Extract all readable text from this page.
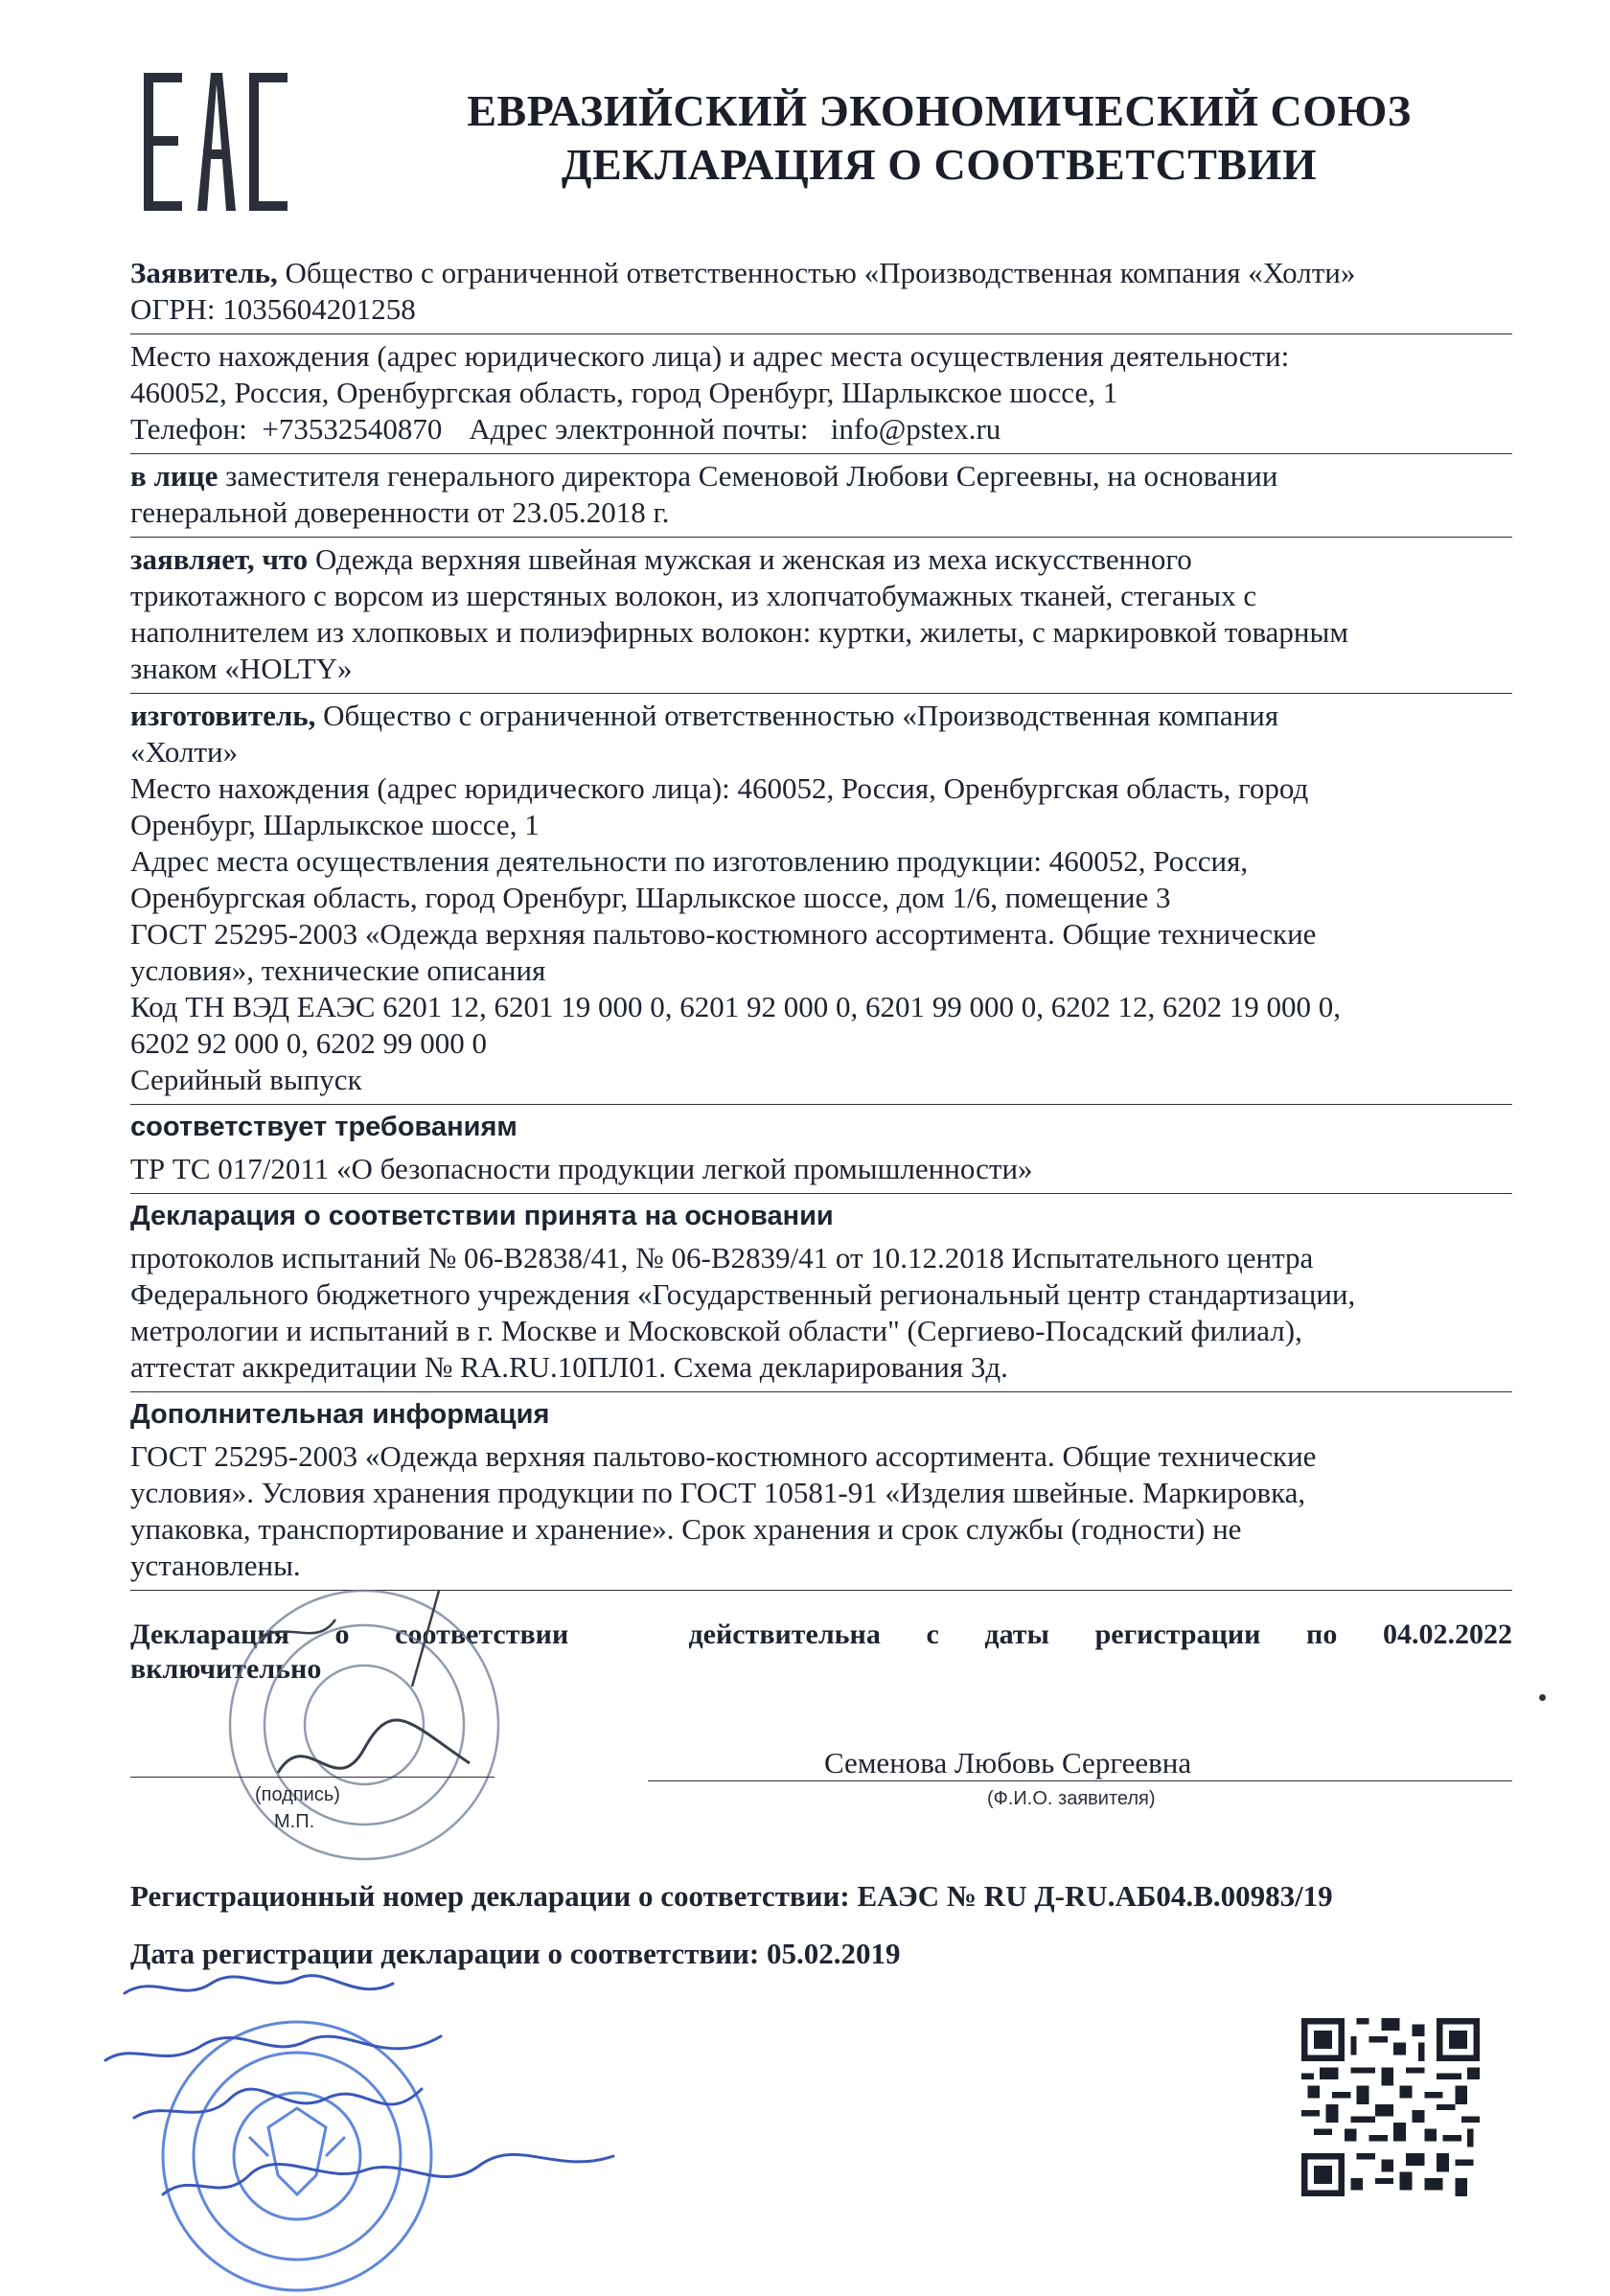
ЕВРАЗИЙСКИЙ ЭКОНОМИЧЕСКИЙ СОЮЗ
ДЕКЛАРАЦИЯ О СООТВЕТСТВИИ
Заявитель, Общество с ограниченной ответственностью «Производственная компания «Холти»
ОГРН: 1035604201258
Место нахождения (адрес юридического лица) и адрес места осуществления деятельности:
460052, Россия, Оренбургская область, город Оренбург, Шарлыкское шоссе, 1
Телефон: +73532540870 Адрес электронной почты: info@pstex.ru
в лице заместителя генерального директора Семеновой Любови Сергеевны, на основании
генеральной доверенности от 23.05.2018 г.
заявляет, что Одежда верхняя швейная мужская и женская из меха искусственного
трикотажного с ворсом из шерстяных волокон, из хлопчатобумажных тканей, стеганых с
наполнителем из хлопковых и полиэфирных волокон: куртки, жилеты, с маркировкой товарным
знаком «HOLTY»
изготовитель, Общество с ограниченной ответственностью «Производственная компания
«Холти»
Место нахождения (адрес юридического лица): 460052, Россия, Оренбургская область, город
Оренбург, Шарлыкское шоссе, 1
Адрес места осуществления деятельности по изготовлению продукции: 460052, Россия,
Оренбургская область, город Оренбург, Шарлыкское шоссе, дом 1/6, помещение 3
ГОСТ 25295-2003 «Одежда верхняя пальтово-костюмного ассортимента. Общие технические
условия», технические описания
Код ТН ВЭД ЕАЭС 6201 12, 6201 19 000 0, 6201 92 000 0, 6201 99 000 0, 6202 12, 6202 19 000 0,
6202 92 000 0, 6202 99 000 0
Серийный выпуск
соответствует требованиям
ТР ТС 017/2011 «О безопасности продукции легкой промышленности»
Декларация о соответствии принята на основании
протоколов испытаний № 06-В2838/41, № 06-В2839/41 от 10.12.2018 Испытательного центра
Федерального бюджетного учреждения «Государственный региональный центр стандартизации,
метрологии и испытаний в г. Москве и Московской области" (Сергиево-Посадский филиал),
аттестат аккредитации № RA.RU.10ПЛ01. Схема декларирования 3д.
Дополнительная информация
ГОСТ 25295-2003 «Одежда верхняя пальтово-костюмного ассортимента. Общие технические
условия». Условия хранения продукции по ГОСТ 10581-91 «Изделия швейные. Маркировка,
упаковка, транспортирование и хранение». Срок хранения и срок службы (годности) не
установлены.
Декларация о соответствии	действительна с даты регистрации по 04.02.2022
включительно
(подпись)
М.П.
Семенова Любовь Сергеевна
(Ф.И.О. заявителя)
Регистрационный номер декларации о соответствии: ЕАЭС № RU Д-RU.АБ04.В.00983/19
Дата регистрации декларации о соответствии: 05.02.2019
